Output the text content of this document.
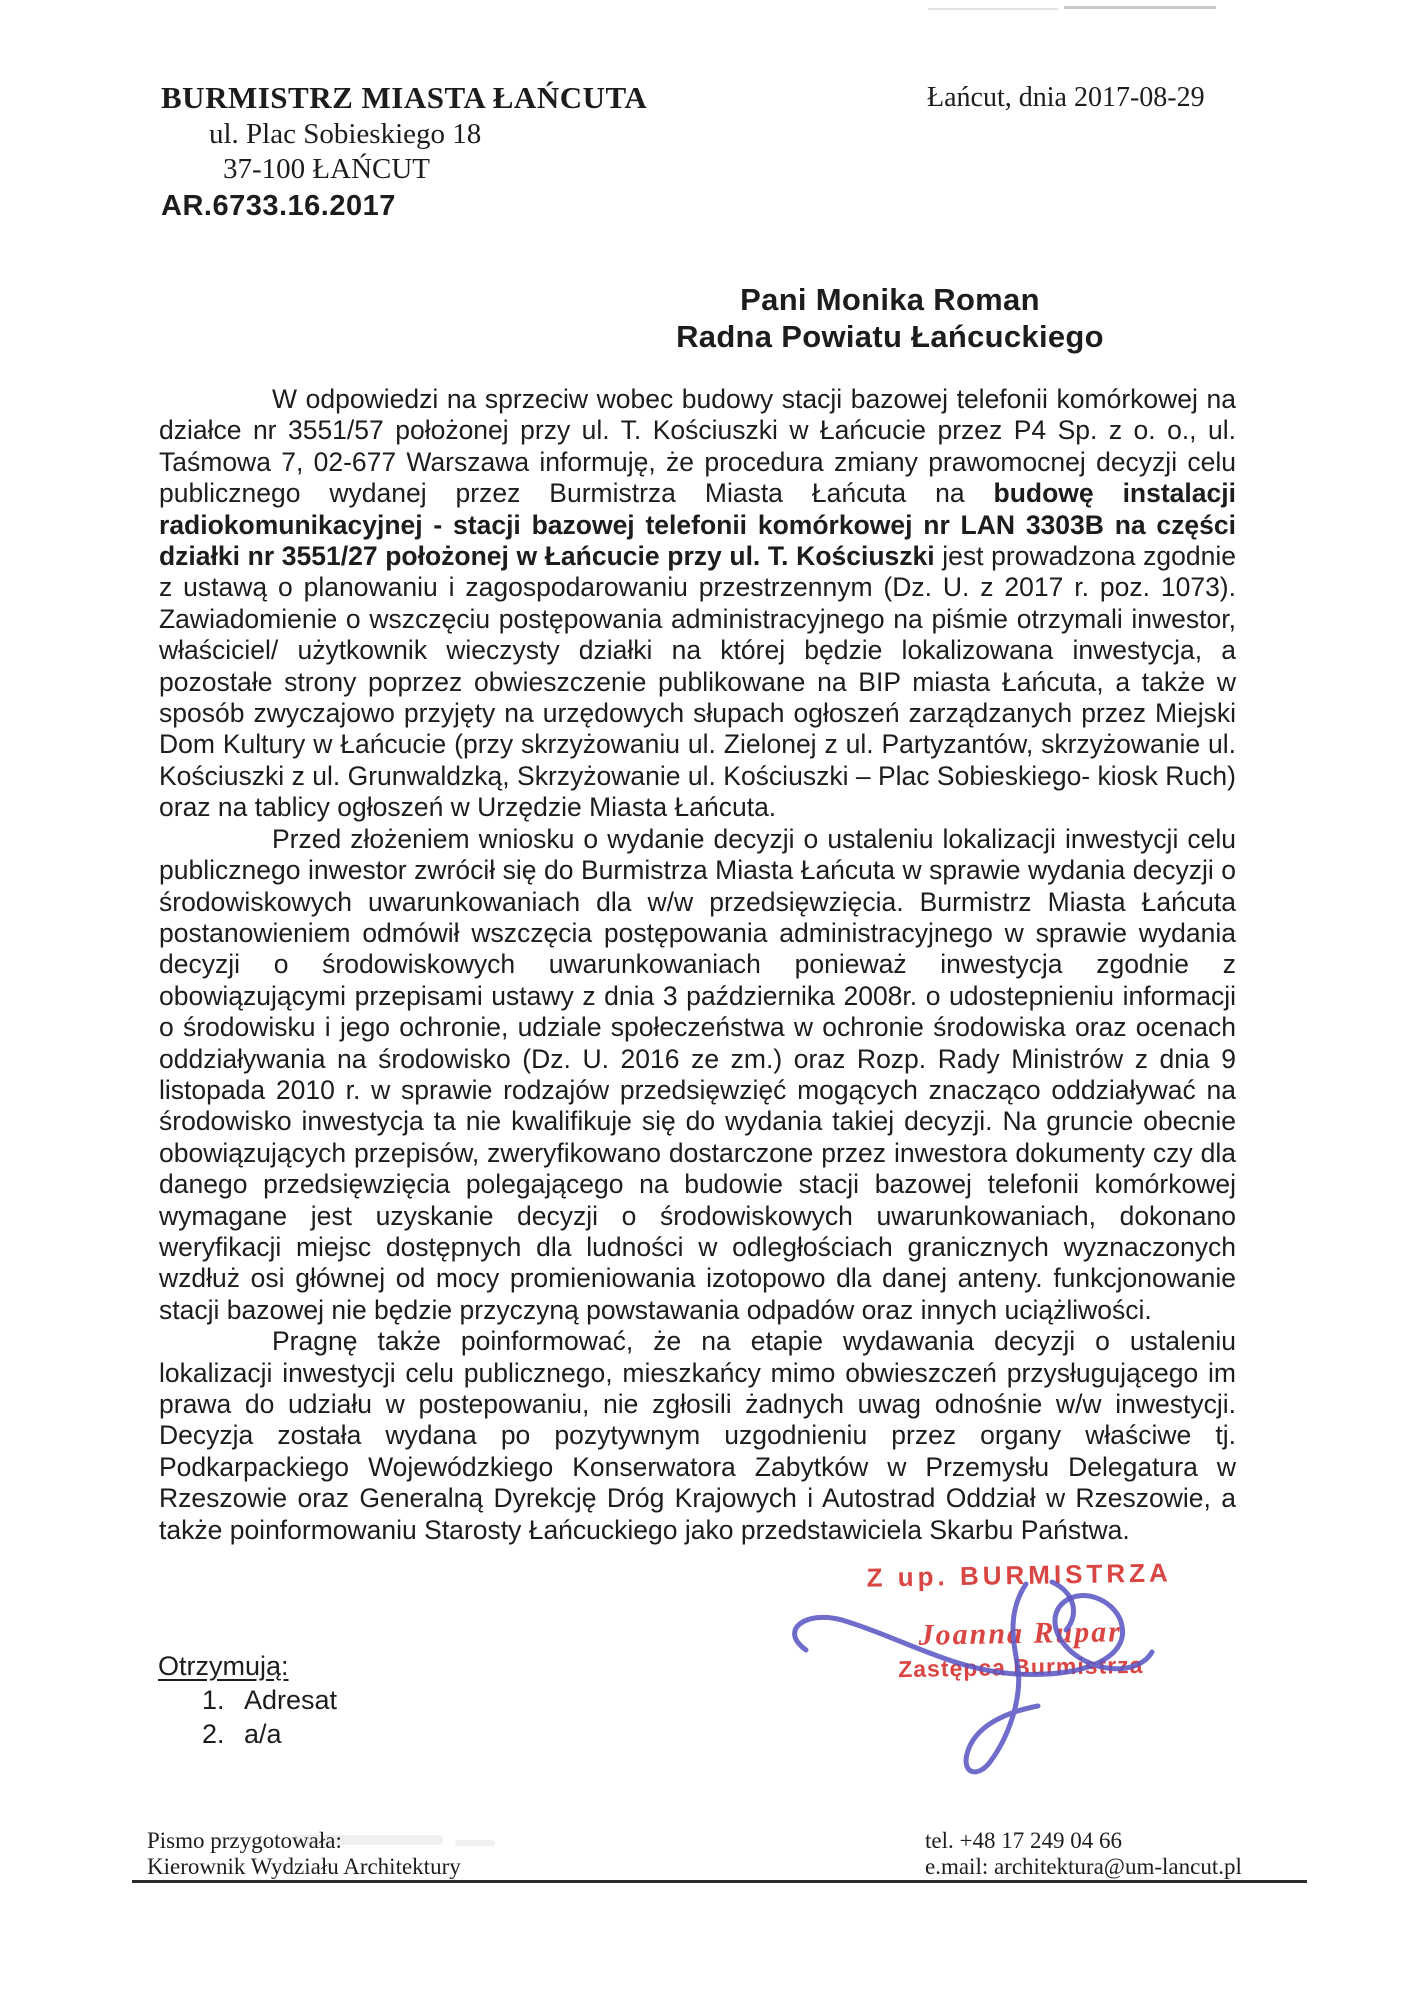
BURMISTRZ MIASTA ŁAŃCUTA
ul. Plac Sobieskiego 18
37-100 ŁAŃCUT
AR.6733.16.2017
Łańcut, dnia 2017-08-29
Pani Monika Roman
Radna Powiatu Łańcuckiego

W odpowiedzi na sprzeciw wobec budowy stacji bazowej telefonii komórkowej na działce nr 3551/57 położonej przy ul. T. Kościuszki w Łańcucie przez P4 Sp. z o. o., ul. Taśmowa 7, 02-677 Warszawa informuję, że procedura zmiany prawomocnej decyzji celu publicznego wydanej przez Burmistrza Miasta Łańcuta na budowę instalacji radiokomunikacyjnej - stacji bazowej telefonii komórkowej nr LAN 3303B na części działki nr 3551/27 położonej w Łańcucie przy ul. T. Kościuszki jest prowadzona zgodnie z ustawą o planowaniu i zagospodarowaniu przestrzennym (Dz. U. z 2017 r. poz. 1073). Zawiadomienie o wszczęciu postępowania administracyjnego na piśmie otrzymali inwestor, właściciel/ użytkownik wieczysty działki na której będzie lokalizowana inwestycja, a pozostałe strony poprzez obwieszczenie publikowane na BIP miasta Łańcuta, a także w sposób zwyczajowo przyjęty na urzędowych słupach ogłoszeń zarządzanych przez Miejski Dom Kultury w Łańcucie (przy skrzyżowaniu ul. Zielonej z ul. Partyzantów, skrzyżowanie ul. Kościuszki z ul. Grunwaldzką, Skrzyżowanie ul. Kościuszki – Plac Sobieskiego- kiosk Ruch) oraz na tablicy ogłoszeń w Urzędzie Miasta Łańcuta.

Przed złożeniem wniosku o wydanie decyzji o ustaleniu lokalizacji inwestycji celu publicznego inwestor zwrócił się do Burmistrza Miasta Łańcuta w sprawie wydania decyzji o środowiskowych uwarunkowaniach dla w/w przedsięwzięcia. Burmistrz Miasta Łańcuta postanowieniem odmówił wszczęcia postępowania administracyjnego w sprawie wydania decyzji o środowiskowych uwarunkowaniach ponieważ inwestycja zgodnie z obowiązującymi przepisami ustawy z dnia 3 października 2008r. o udostepnieniu informacji o środowisku i jego ochronie, udziale społeczeństwa w ochronie środowiska oraz ocenach oddziaływania na środowisko (Dz. U. 2016 ze zm.) oraz Rozp. Rady Ministrów z dnia 9 listopada 2010 r. w sprawie rodzajów przedsięwzięć mogących znacząco oddziaływać na środowisko inwestycja ta nie kwalifikuje się do wydania takiej decyzji. Na gruncie obecnie obowiązujących przepisów, zweryfikowano dostarczone przez inwestora dokumenty czy dla danego przedsięwzięcia polegającego na budowie stacji bazowej telefonii komórkowej wymagane jest uzyskanie decyzji o środowiskowych uwarunkowaniach, dokonano weryfikacji miejsc dostępnych dla ludności w odległościach granicznych wyznaczonych wzdłuż osi głównej od mocy promieniowania izotopowo dla danej anteny. funkcjonowanie stacji bazowej nie będzie przyczyną powstawania odpadów oraz innych uciążliwości.

Pragnę także poinformować, że na etapie wydawania decyzji o ustaleniu lokalizacji inwestycji celu publicznego, mieszkańcy mimo obwieszczeń przysługującego im prawa do udziału w postepowaniu, nie zgłosili żadnych uwag odnośnie w/w inwestycji. Decyzja została wydana po pozytywnym uzgodnieniu przez organy właściwe tj. Podkarpackiego Wojewódzkiego Konserwatora Zabytków w Przemysłu Delegatura w Rzeszowie oraz Generalną Dyrekcję Dróg Krajowych i Autostrad Oddział w Rzeszowie, a także poinformowaniu Starosty Łańcuckiego jako przedstawiciela Skarbu Państwa.

Z up. BURMISTRZA
Joanna Rupar
Zastępca Burmistrza
Otrzymują:
1. Adresat
2. a/a
Pismo przygotowała:
Kierownik Wydziału Architektury
tel. +48 17 249 04 66
e.mail: architektura@um-lancut.pl
